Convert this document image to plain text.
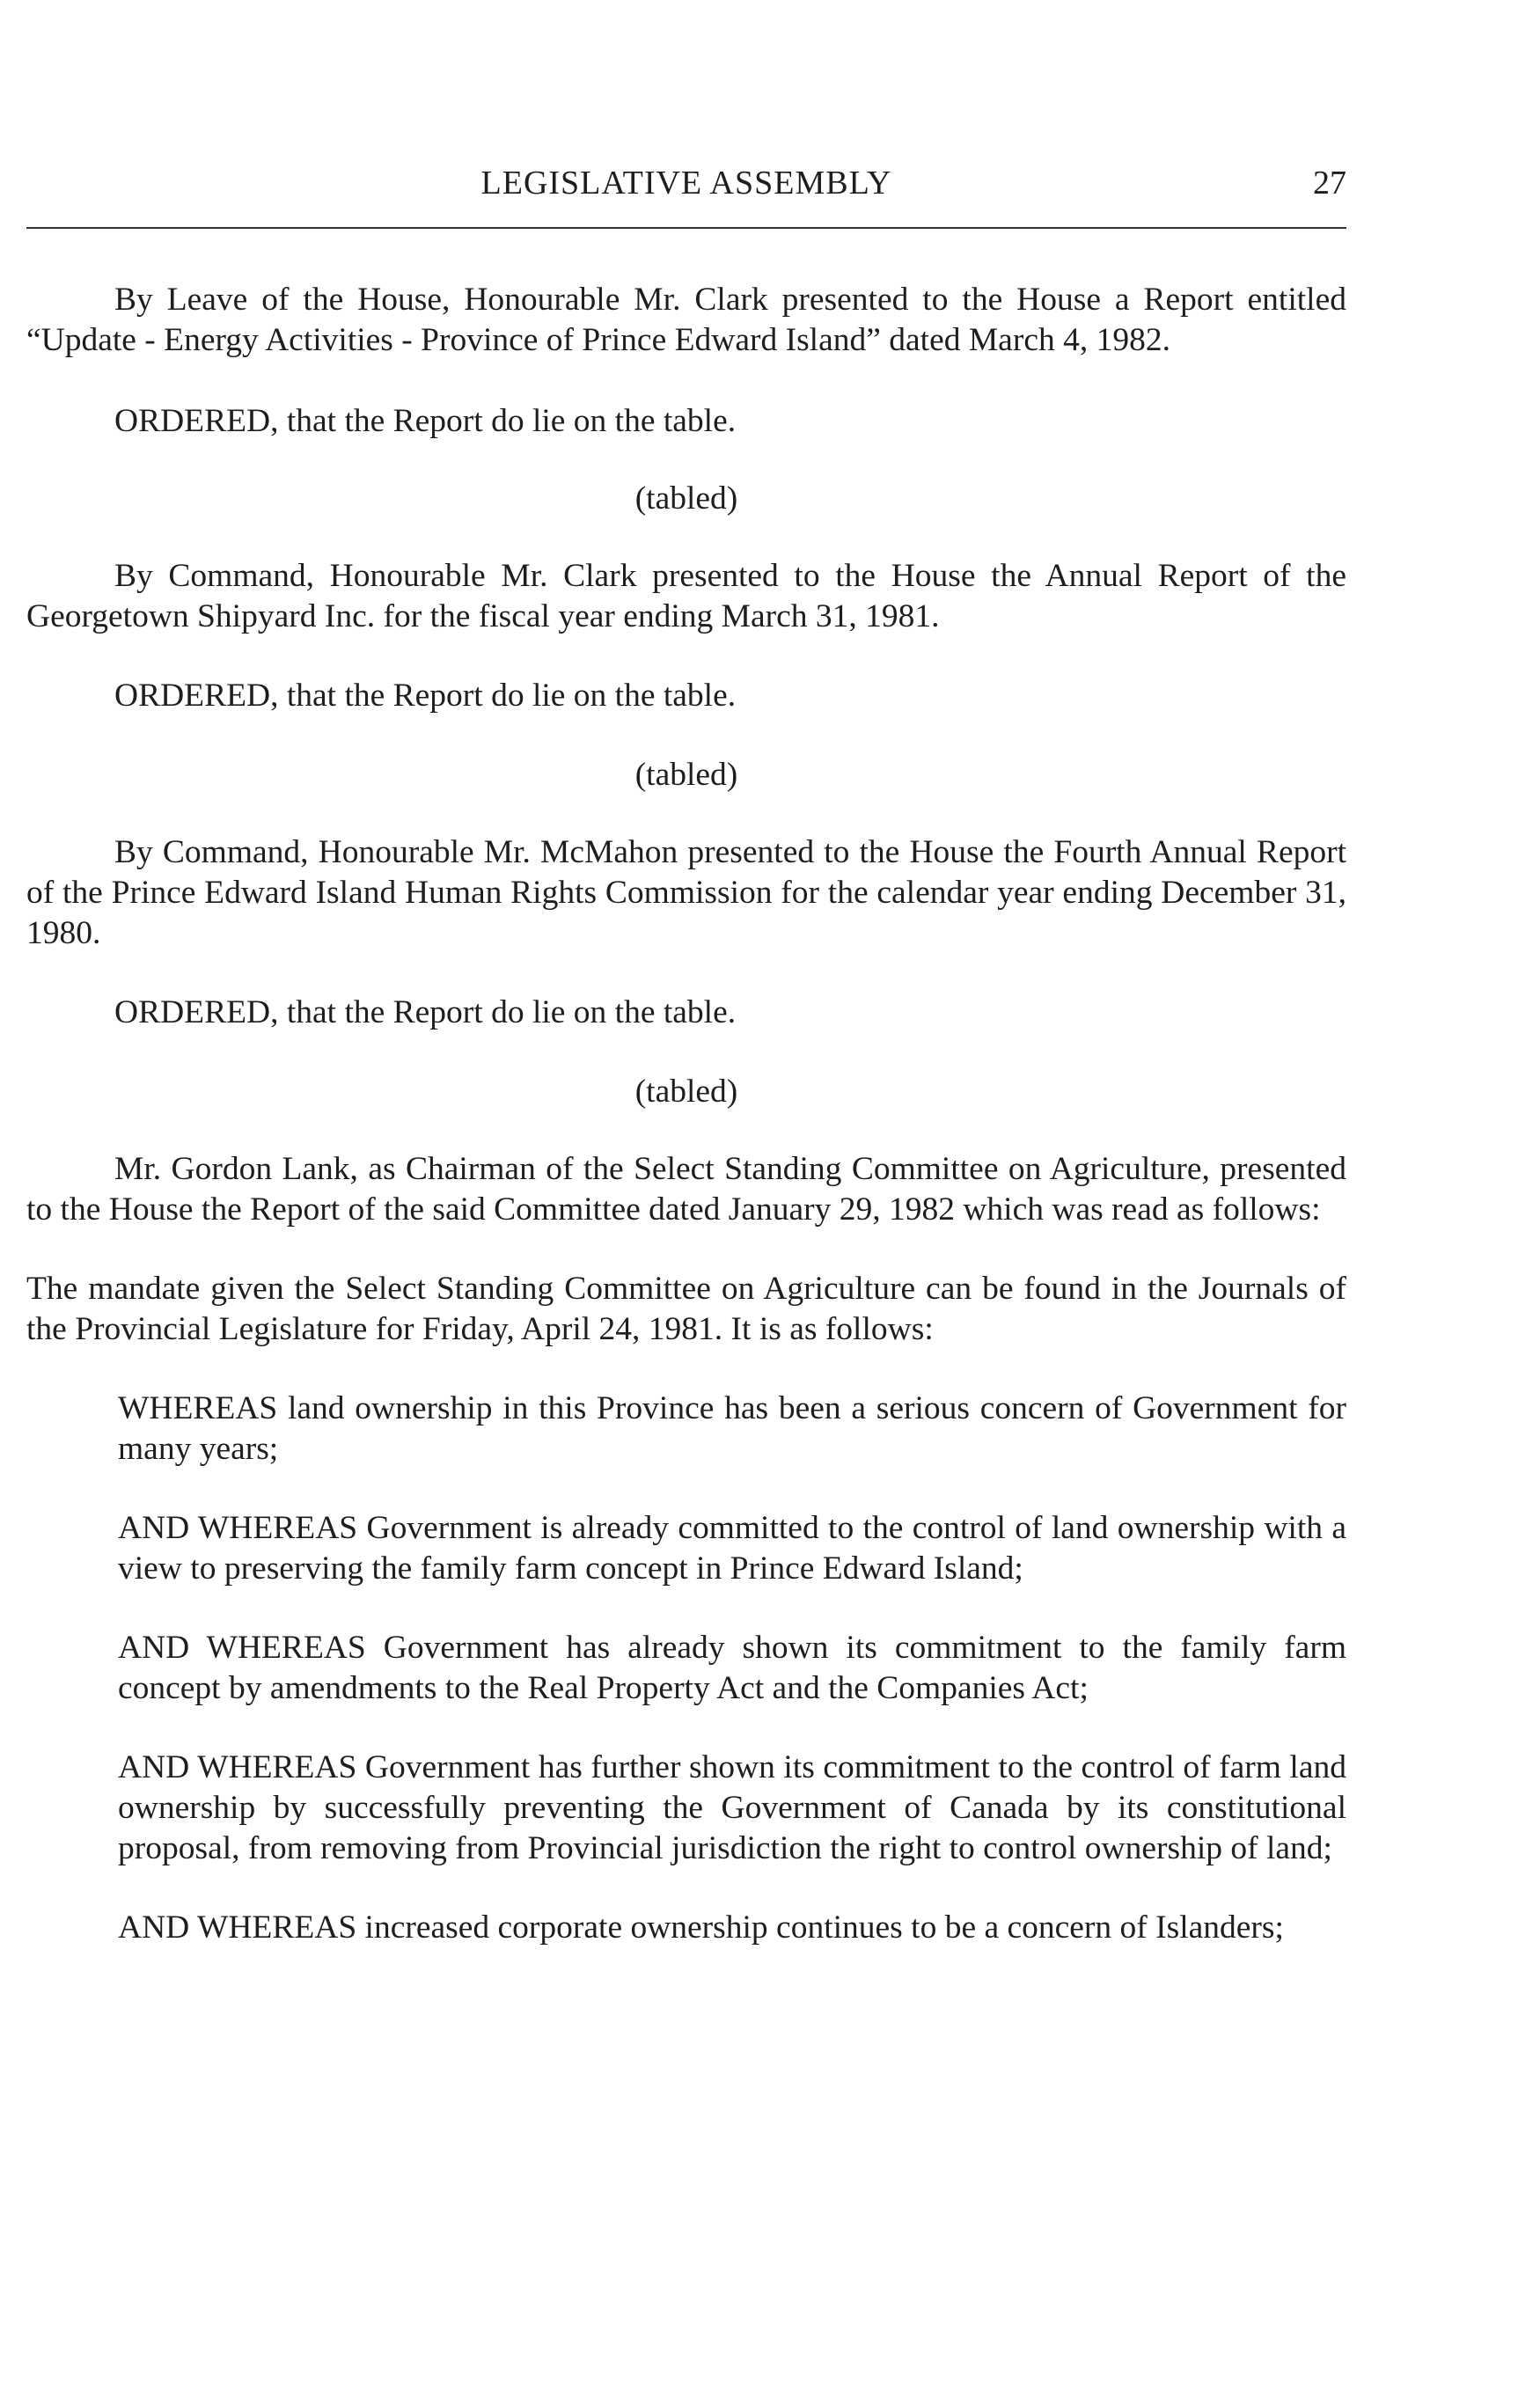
LEGISLATIVE ASSEMBLY	27

By Leave of the House, Honourable Mr. Clark presented to the House a Report entitled “Update - Energy Activities - Province of Prince Edward Island” dated March 4, 1982.

ORDERED, that the Report do lie on the table.

(tabled)

By Command, Honourable Mr. Clark presented to the House the Annual Report of the Georgetown Shipyard Inc. for the fiscal year ending March 31, 1981.

ORDERED, that the Report do lie on the table.

(tabled)

By Command, Honourable Mr. McMahon presented to the House the Fourth Annual Report of the Prince Edward Island Human Rights Commission for the calendar year ending December 31, 1980.

ORDERED, that the Report do lie on the table.

(tabled)

Mr. Gordon Lank, as Chairman of the Select Standing Committee on Agriculture, presented to the House the Report of the said Committee dated January 29, 1982 which was read as follows:

The mandate given the Select Standing Committee on Agriculture can be found in the Journals of the Provincial Legislature for Friday, April 24, 1981. It is as follows:

WHEREAS land ownership in this Province has been a serious concern of Government for many years;

AND WHEREAS Government is already committed to the control of land ownership with a view to preserving the family farm concept in Prince Edward Island;

AND WHEREAS Government has already shown its commitment to the family farm concept by amendments to the Real Property Act and the Companies Act;

AND WHEREAS Government has further shown its commitment to the control of farm land ownership by successfully preventing the Government of Canada by its constitutional proposal, from removing from Provincial jurisdiction the right to control ownership of land;

AND WHEREAS increased corporate ownership continues to be a concern of Islanders;
